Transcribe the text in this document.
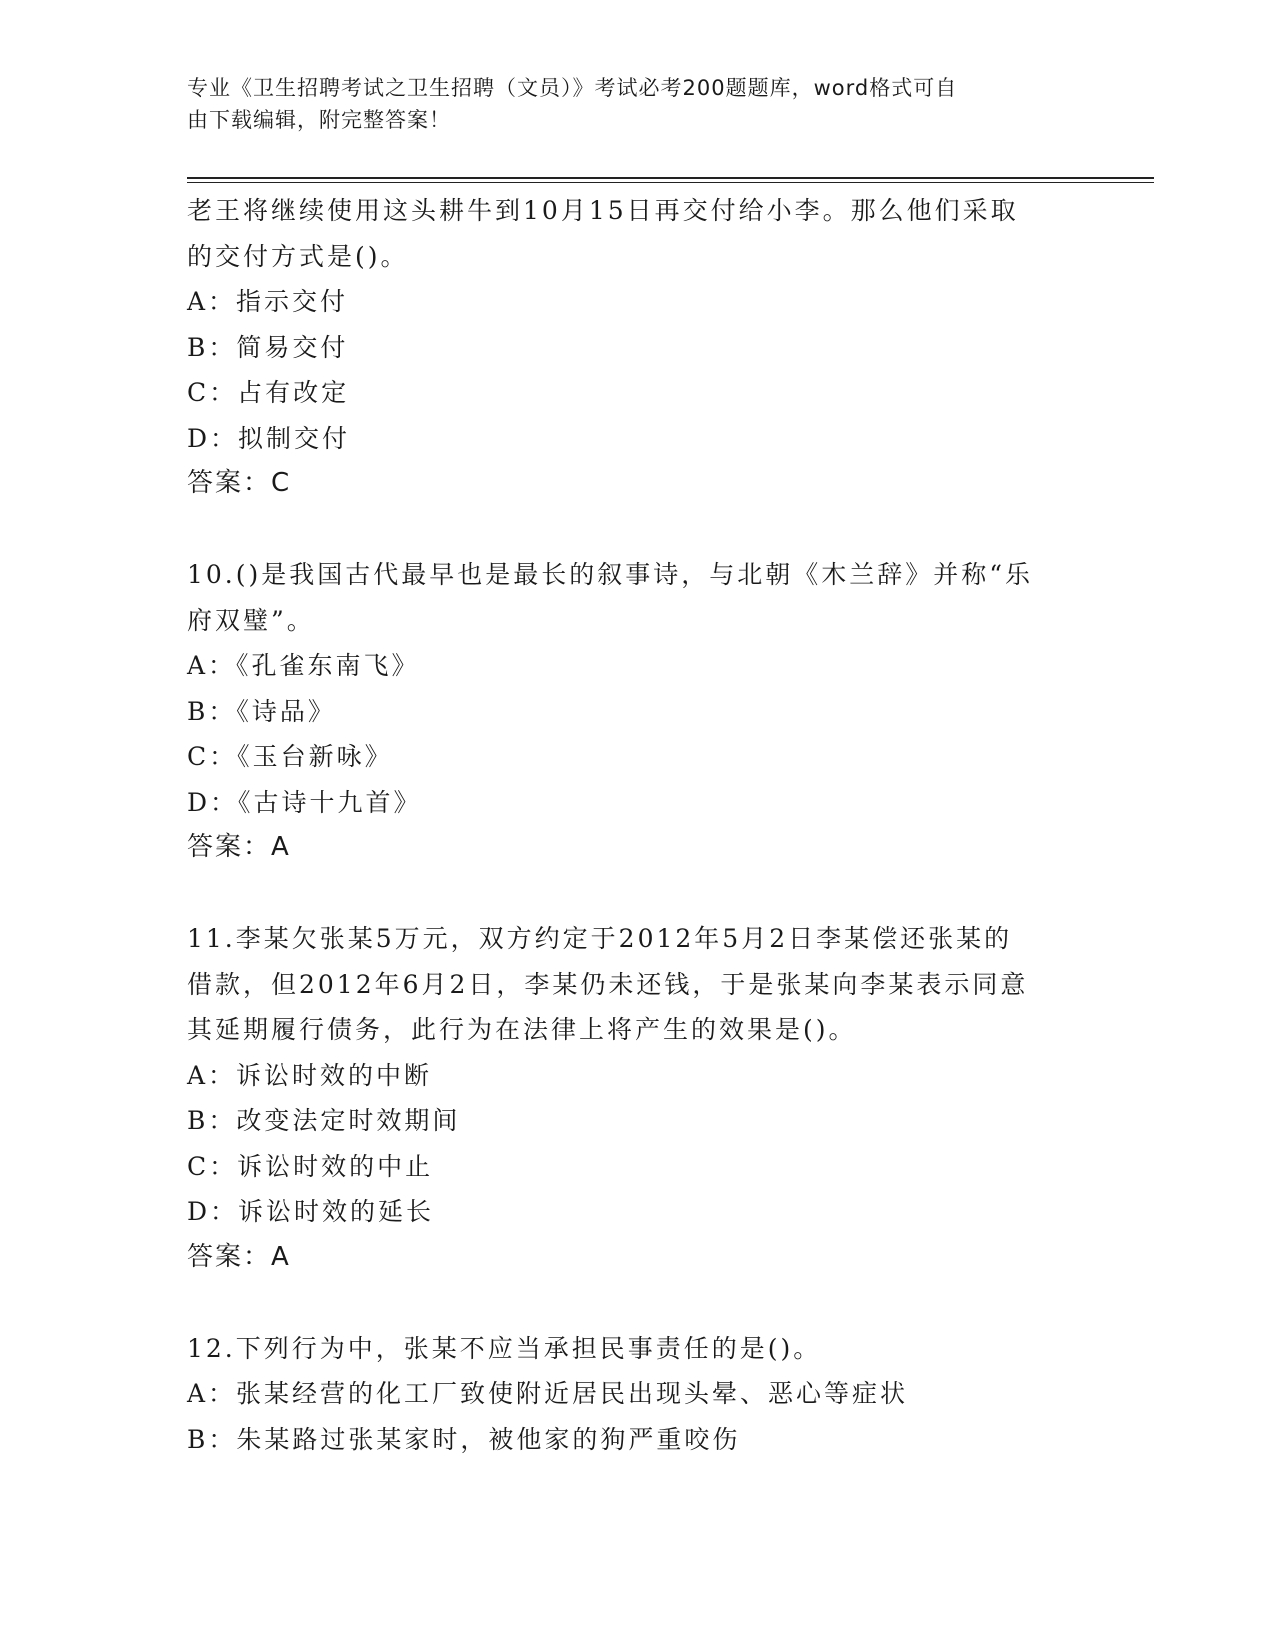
专业《卫生招聘考试之卫生招聘（文员）》考试必考200题题库，word格式可自
由下载编辑，附完整答案！
老王将继续使用这头耕牛到10月15日再交付给小李。那么他们采取
的交付方式是()。
A：指示交付
B：简易交付
C：占有改定
D：拟制交付
答案：C
10.()是我国古代最早也是最长的叙事诗，与北朝《木兰辞》并称“乐
府双璧”。
A：《孔雀东南飞》
B：《诗品》
C：《玉台新咏》
D：《古诗十九首》
答案：A
11.李某欠张某5万元，双方约定于2012年5月2日李某偿还张某的
借款，但2012年6月2日，李某仍未还钱，于是张某向李某表示同意
其延期履行债务，此行为在法律上将产生的效果是()。
A：诉讼时效的中断
B：改变法定时效期间
C：诉讼时效的中止
D：诉讼时效的延长
答案：A
12.下列行为中，张某不应当承担民事责任的是()。
A：张某经营的化工厂致使附近居民出现头晕、恶心等症状
B：朱某路过张某家时，被他家的狗严重咬伤
